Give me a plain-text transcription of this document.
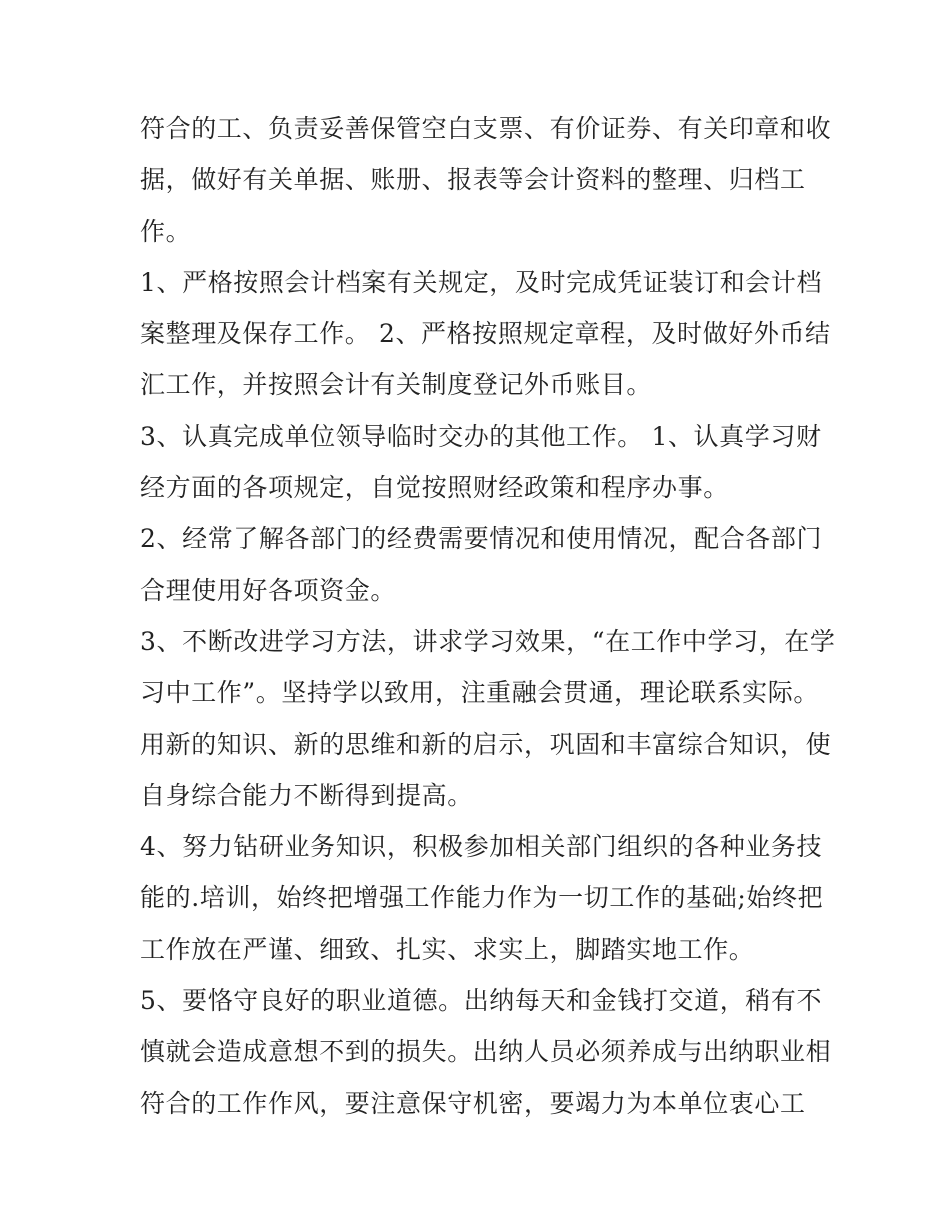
符合的工、负责妥善保管空白支票、有价证券、有关印章和收
据，做好有关单据、账册、报表等会计资料的整理、归档工
作。

1、严格按照会计档案有关规定，及时完成凭证装订和会计档
案整理及保存工作。 2、严格按照规定章程，及时做好外币结
汇工作，并按照会计有关制度登记外币账目。

3、认真完成单位领导临时交办的其他工作。 1、认真学习财
经方面的各项规定，自觉按照财经政策和程序办事。

2、经常了解各部门的经费需要情况和使用情况，配合各部门
合理使用好各项资金。

3、不断改进学习方法，讲求学习效果，“在工作中学习，在学
习中工作”。坚持学以致用，注重融会贯通，理论联系实际。
用新的知识、新的思维和新的启示，巩固和丰富综合知识，使
自身综合能力不断得到提高。

4、努力钻研业务知识，积极参加相关部门组织的各种业务技
能的.培训，始终把增强工作能力作为一切工作的基础;始终把
工作放在严谨、细致、扎实、求实上，脚踏实地工作。

5、要恪守良好的职业道德。出纳每天和金钱打交道，稍有不
慎就会造成意想不到的损失。出纳人员必须养成与出纳职业相
符合的工作作风，要注意保守机密，要竭力为本单位衷心工
